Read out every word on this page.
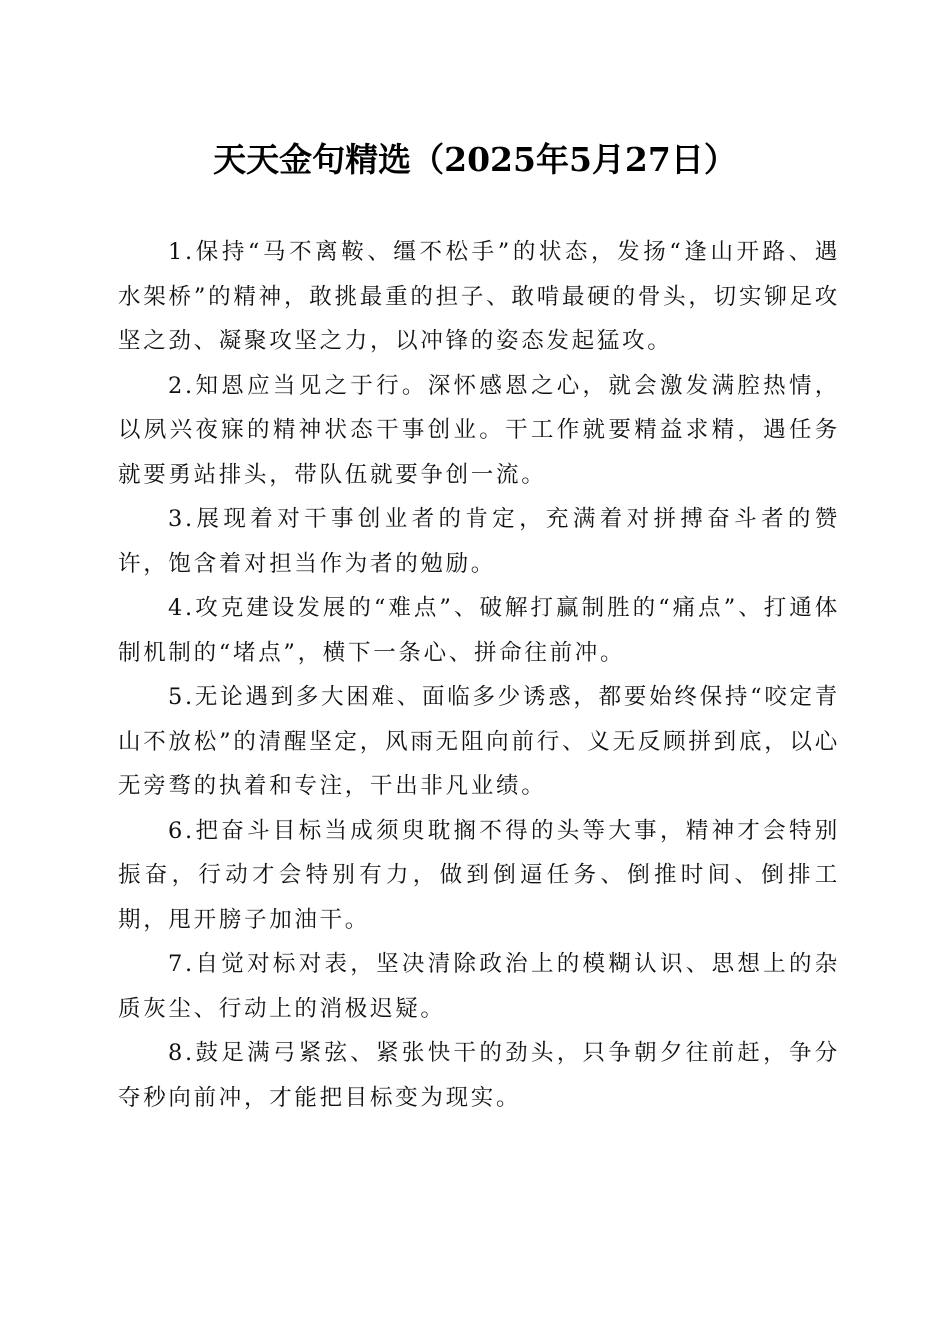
天天金句精选（2025年5月27日）

1.保持“马不离鞍、缰不松手”的状态，发扬“逢山开路、遇水架桥”的精神，敢挑最重的担子、敢啃最硬的骨头，切实铆足攻坚之劲、凝聚攻坚之力，以冲锋的姿态发起猛攻。

2.知恩应当见之于行。深怀感恩之心，就会激发满腔热情，以夙兴夜寐的精神状态干事创业。干工作就要精益求精，遇任务就要勇站排头，带队伍就要争创一流。

3.展现着对干事创业者的肯定，充满着对拼搏奋斗者的赞许，饱含着对担当作为者的勉励。

4.攻克建设发展的“难点”、破解打赢制胜的“痛点”、打通体制机制的“堵点”，横下一条心、拼命往前冲。

5.无论遇到多大困难、面临多少诱惑，都要始终保持“咬定青山不放松”的清醒坚定，风雨无阻向前行、义无反顾拼到底，以心无旁骛的执着和专注，干出非凡业绩。

6.把奋斗目标当成须臾耽搁不得的头等大事，精神才会特别振奋，行动才会特别有力，做到倒逼任务、倒推时间、倒排工期，甩开膀子加油干。

7.自觉对标对表，坚决清除政治上的模糊认识、思想上的杂质灰尘、行动上的消极迟疑。

8.鼓足满弓紧弦、紧张快干的劲头，只争朝夕往前赶，争分夺秒向前冲，才能把目标变为现实。
